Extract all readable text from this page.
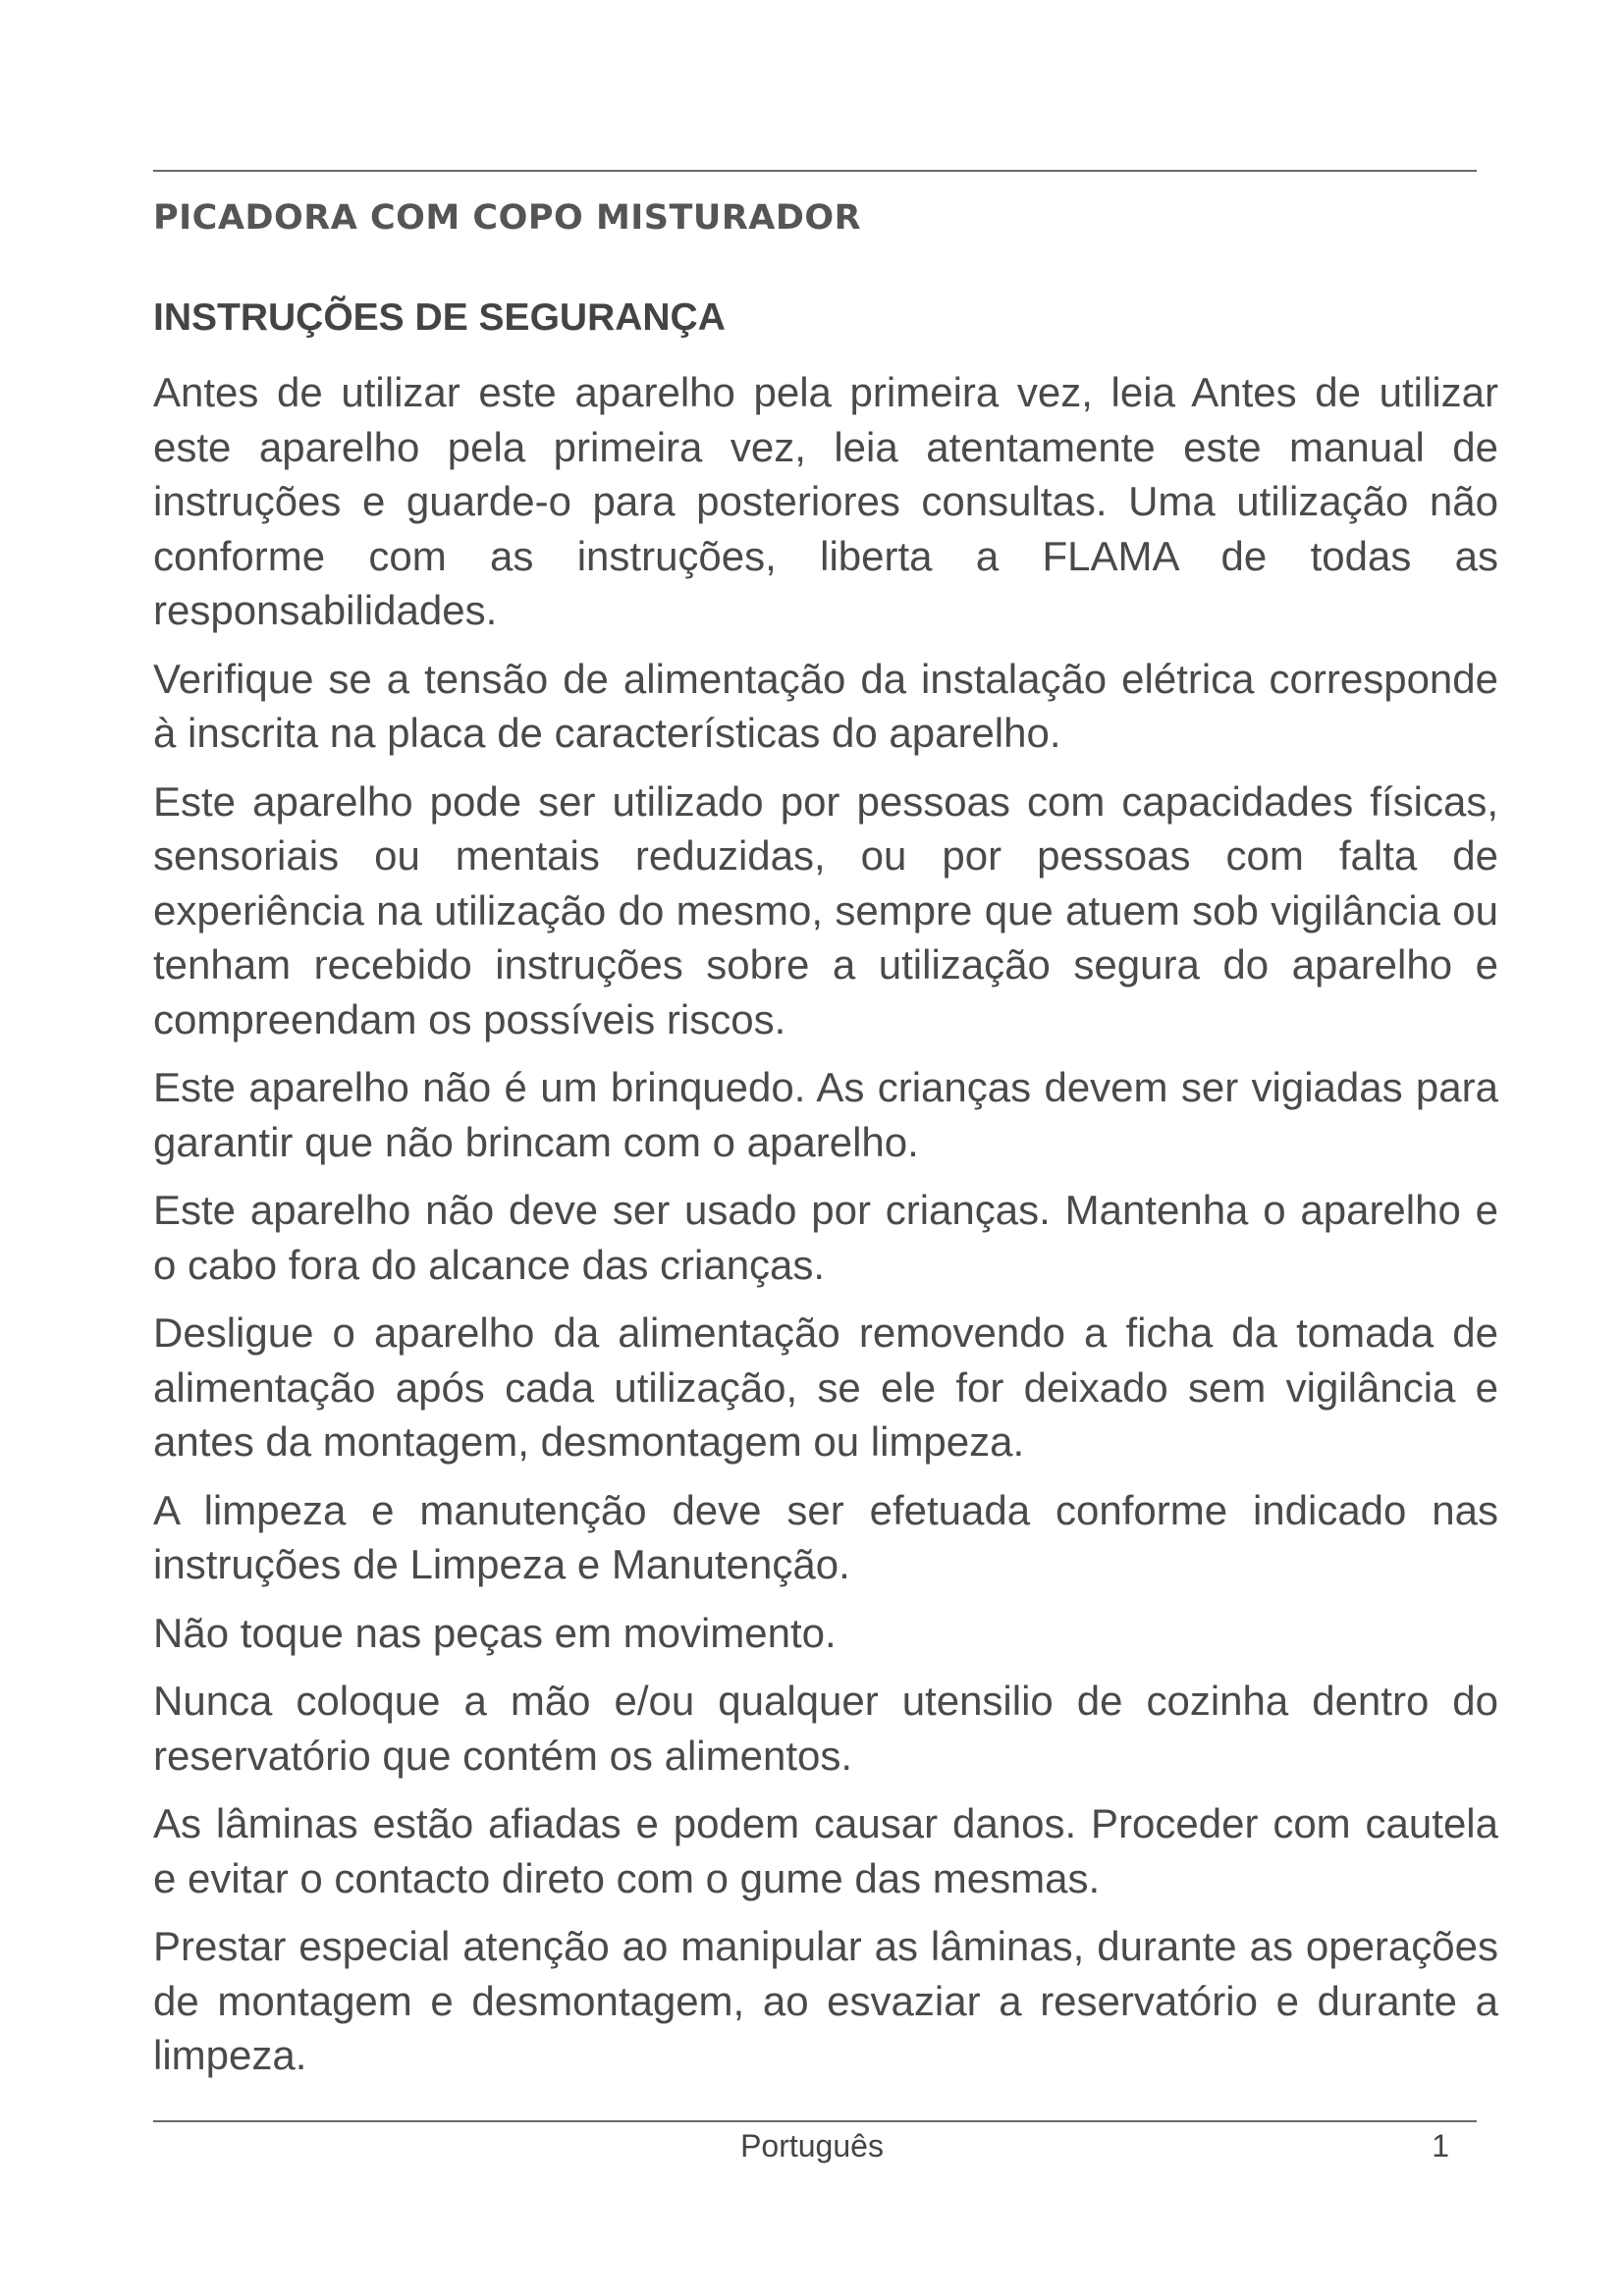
PICADORA COM COPO MISTURADOR
INSTRUÇÕES DE SEGURANÇA

Antes de utilizar este aparelho pela primeira vez, leia Antes de utilizar este aparelho pela primeira vez, leia atentamente este manual de instruções e guarde-o para posteriores consultas. Uma utilização não conforme com as instruções, liberta a FLAMA de todas as responsabilidades.

Verifique se a tensão de alimentação da instalação elétrica corresponde à inscrita na placa de características do aparelho.

Este aparelho pode ser utilizado por pessoas com capacidades físicas, sensoriais ou mentais reduzidas, ou por pessoas com falta de experiência na utilização do mesmo, sempre que atuem sob vigilância ou tenham recebido instruções sobre a utilização segura do aparelho e compreendam os possíveis riscos.

Este aparelho não é um brinquedo. As crianças devem ser vigiadas para garantir que não brincam com o aparelho.

Este aparelho não deve ser usado por crianças. Mantenha o aparelho e o cabo fora do alcance das crianças.

Desligue o aparelho da alimentação removendo a ficha da tomada de alimentação após cada utilização, se ele for deixado sem vigilância e antes da montagem, desmontagem ou limpeza.

A limpeza e manutenção deve ser efetuada conforme indicado nas instruções de Limpeza e Manutenção.

Não toque nas peças em movimento.

Nunca coloque a mão e/ou qualquer utensilio de cozinha dentro do reservatório que contém os alimentos.

As lâminas estão afiadas e podem causar danos. Proceder com cautela e evitar o contacto direto com o gume das mesmas.

Prestar especial atenção ao manipular as lâminas, durante as operações de montagem e desmontagem, ao esvaziar a reservatório e durante a limpeza.

Português	1
